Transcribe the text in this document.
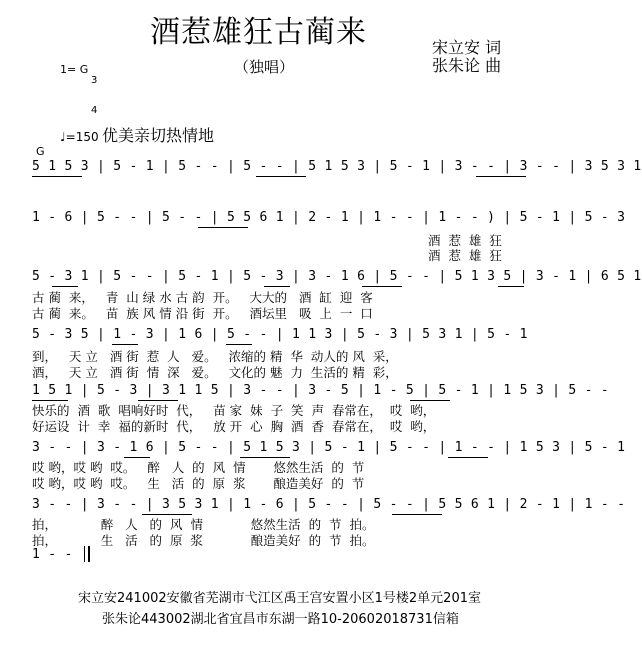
酒惹雄狂古蔺来
（独唱）
宋立安 词
张朱论 曲
1= G

3

4

♩=150 优美亲切热情地
G
5 1 5 3 | 5 - 1 | 5 - - | 5 - - | 5 1 5 3 | 5 - 1 | 3 - - | 3 - - | 3 5 3 1
1 - 6 | 5 - - | 5 - - | 5 5 6 1 | 2 - 1 | 1 - - | 1 - - ) | 5 - 1 | 5 - 3
酒  惹  雄  狂
酒  惹  雄  狂
5 - 3 1 | 5 - - | 5 - 1 | 5 - 3 | 3 - 1 6 | 5 - - | 5 1 3 5 | 3 - 1 | 6 5 1
古 蔺  来，   青  山 绿 水 古 韵  开。   大大的   酒  缸  迎  客
古 蔺  来。   苗  族 风 情 沿 街  开。   酒坛里   吸  上  一  口
5 - 3 5 | 1 - 3 | 1 6 | 5 - - | 1 1 3 | 5 - 3 | 5 3 1 | 5 - 1
到，   天 立   酒 街  惹  人   爱。   浓缩的 精  华  动人的 风  采，
酒，   天 立   酒 街  情  深   爱。   文化的 魅  力  生活的 精  彩，
1 5 1 | 5 - 3 | 3 1 1 5 | 3 - - | 3 - 5 | 1 - 5 | 5 - 1 | 1 5 3 | 5 - -
快乐的  酒  歌  唱响好时  代，   苗 家  妹  子  笑  声  春常在，  哎  哟，
好运设  计  幸  福的新时  代，   放 开  心  胸  酒  香  春常在，  哎  哟，
3 - - | 3 - 1 6 | 5 - - | 5 1 5 3 | 5 - 1 | 5 - - | 1 - - | 1 5 3 | 5 - 1
哎 哟，哎 哟  哎。   醉   人  的  风  情       悠然生活  的  节
哎 哟，哎 哟  哎。   生   活  的  原  浆       酿造美好  的  节
3 - - | 3 - - | 3 5 3 1 | 1 - 6 | 5 - - | 5 - - | 5 5 6 1 | 2 - 1 | 1 - -
拍，           醉   人   的  风  情            悠然生活  的  节  拍。
拍，           生   活   的  原  浆            酿造美好  的  节  拍。
1 - -
宋立安241002安徽省芜湖市弋江区禹王宫安置小区1号楼2单元201室
张朱论443002湖北省宜昌市东湖一路10-20602018731信箱
